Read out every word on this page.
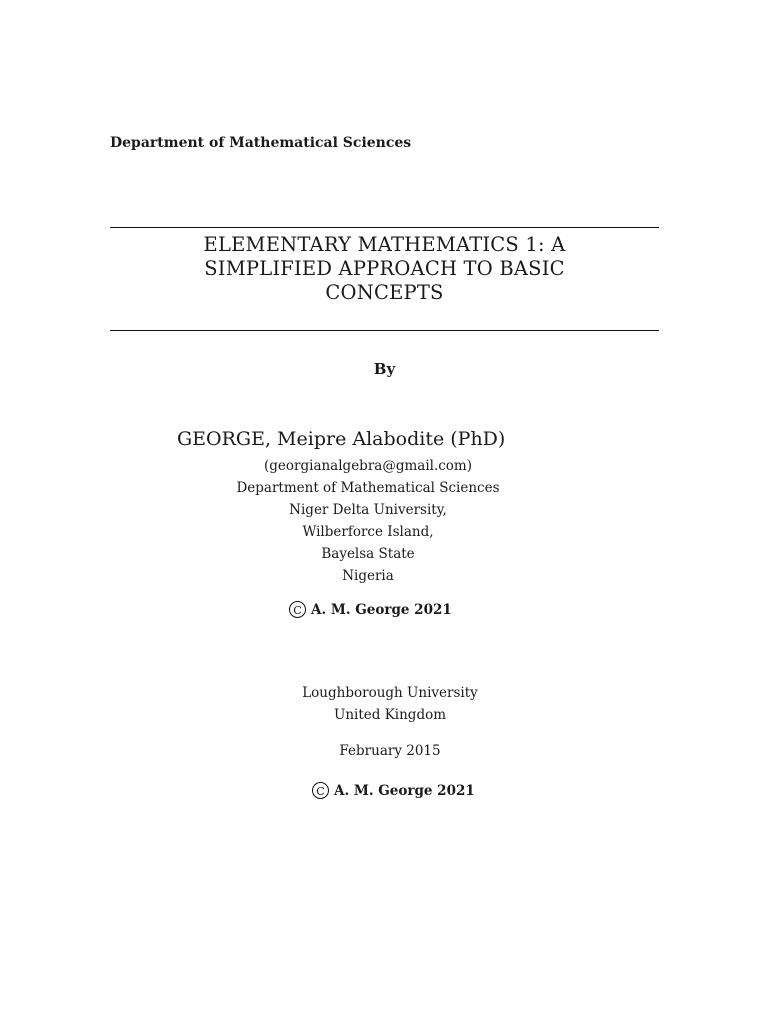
Department of Mathematical Sciences
ELEMENTARY MATHEMATICS 1: A
SIMPLIFIED APPROACH TO BASIC
CONCEPTS
By
GEORGE, Meipre Alabodite (PhD)
(georgianalgebra@gmail.com)
Department of Mathematical Sciences
Niger Delta University,
Wilberforce Island,
Bayelsa State
Nigeria
C A. M. George 2021
Loughborough University
United Kingdom
February 2015
C A. M. George 2021
